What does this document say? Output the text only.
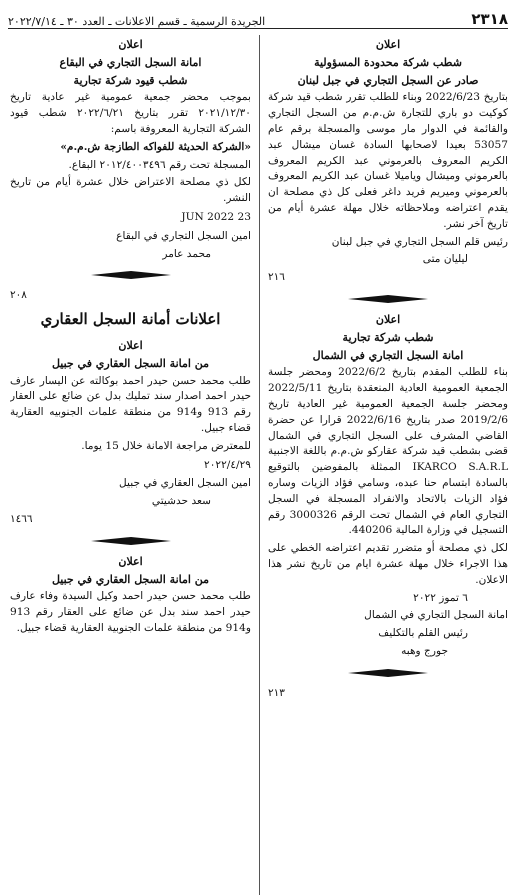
٢٣١٨
الجريدة الرسمية ـ قسم الاعلانات ـ العدد ٣٠ ـ ٢٠٢٢/٧/١٤
اعلان
شطب شركة محدودة المسؤولية
صادر عن السجل التجاري في جبل لبنان
بتاريخ 2022/6/23 وبناء للطلب تقرر شطب قيد شركة كوكيت دو باري للتجارة ش.م.م من السجل التجاري والقائمة في الدوار مار موسى والمسجلة برقم عام 53057 بعيدا لاصحابها السادة غسان ميشال عبد الكريم المعروف بالعرموني عبد الكريم المعروف بالعرموني وميشال وياميلا غسان عبد الكريم المعروف بالعرموني وميريم فريد داغر فعلى كل ذي مصلحة ان يقدم اعتراضه وملاحظاته خلال مهلة عشرة أيام من تاريخ آخر نشر.
رئيس قلم السجل التجاري في جبل لبنان
ليليان متى
٢١٦
اعلان
شطب شركة تجارية
امانة السجل التجاري في الشمال
بناء للطلب المقدم بتاريخ 2022/6/2 ومحضر جلسة الجمعية العمومية العادية المنعقدة بتاريخ 2022/5/11 ومحضر جلسة الجمعية العمومية غير العادية تاريخ 2019/2/6 صدر بتاريخ 2022/6/16 قرارا عن حضرة القاضي المشرف على السجل التجاري في الشمال قضى بشطب قيد شركة عقاركو ش.م.م باللغة الاجنبية IKARCO S.A.R.L الممثلة بالمفوضين بالتوقيع بالسادة ابتسام حنا عبده، وسامي فؤاد الزيات وساره فؤاد الزيات بالاتحاد والانفراد المسجلة في السجل التجاري العام في الشمال تحت الرقم 3000326 رقم التسجيل في وزارة المالية 440206.
لكل ذي مصلحة أو متضرر تقديم اعتراضه الخطي على هذا الاجراء خلال مهلة عشرة ايام من تاريخ نشر هذا الاعلان.
٦ تموز ٢٠٢٢
امانة السجل التجاري في الشمال
رئيس القلم بالتكليف
جورج وهبه
٢١٣
اعلان
امانة السجل التجاري في البقاع
شطب قيود شركة تجارية
بموجب محضر جمعية عمومية غير عادية تاريخ ٢٠٢١/١٢/٣٠ تقرر بتاريخ ٢٠٢٢/٦/٢١ شطب قيود الشركة التجارية المعروفة باسم:
«الشركة الحديثة للفواكه الطازجة ش.م.م»
المسجلة تحت رقم ٢٠١٢/٤٠٠٣٤٩٦ البقاع.
لكل ذي مصلحة الاعتراض خلال عشرة أيام من تاريخ النشر.
23 JUN 2022
امين السجل التجاري في البقاع
محمد عامر
٢٠٨
اعلانات أمانة السجل العقاري
اعلان
من امانة السجل العقاري في جبيل
طلب محمد حسن حيدر احمد بوكالته عن اليسار عارف حيدر احمد اصدار سند تمليك بدل عن ضائع على العقار رقم 913 و914 من منطقة علمات الجنوبيه العقارية قضاء جبيل.
للمعترض مراجعة الامانة خلال 15 يوما.
٢٠٢٢/٤/٢٩
امين السجل العقاري في جبيل
سعد حدشيتي
١٤٦٦
اعلان
من امانة السجل العقاري في جبيل
طلب محمد حسن حيدر احمد وكيل السيدة وفاء عارف حيدر احمد سند بدل عن ضائع على العقار رقم 913 و914 من منطقة علمات الجنوبية العقارية قضاء جبيل.
